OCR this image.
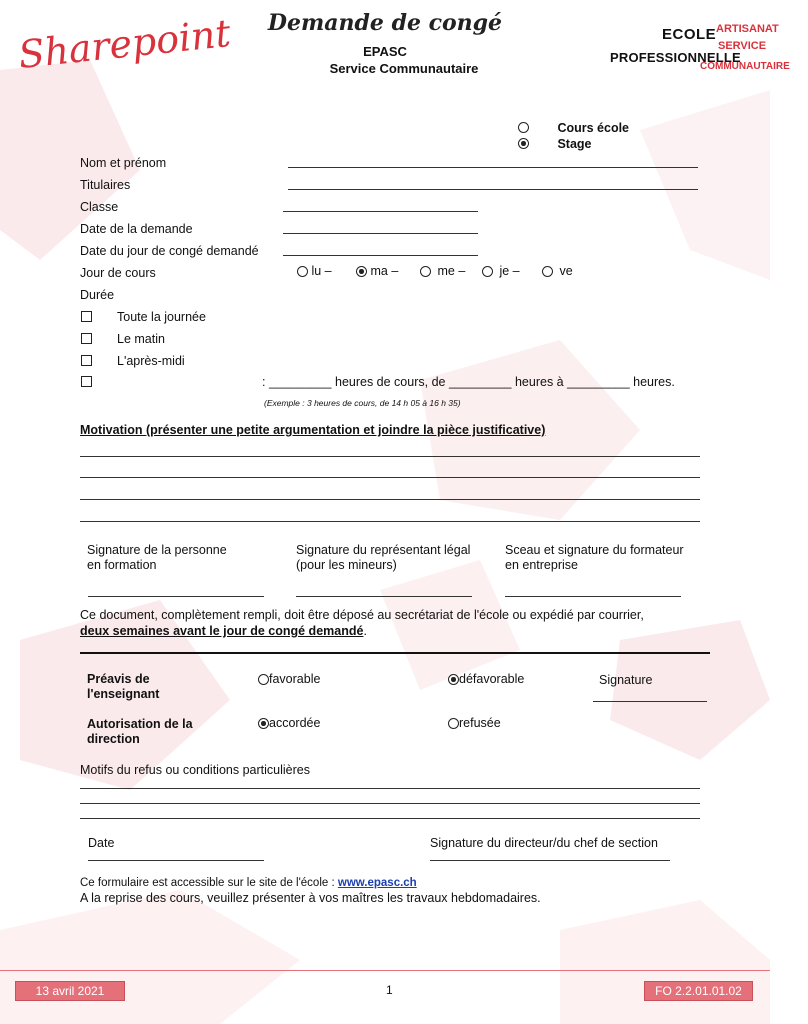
Sharepoint	Demande de congé
EPASC
Service Communautaire
ECOLE
PROFESSIONNELLE
ARTISANAT
SERVICE
COMMUNAUTAIRE
Cours école
Stage
Nom et prénom
Titulaires
Classe
Date de la demande
Date du jour de congé demandé
Jour de cours	lu –	ma –	me –	je –	ve
Durée
Toute la journée
Le matin
L'après-midi
: _________ heures de cours, de _________ heures à _________ heures.
(Exemple : 3 heures de cours, de 14 h 05 à 16 h 35)
Motivation (présenter une petite argumentation et joindre la pièce justificative)
Signature de la personne
en formation
Signature du représentant légal
(pour les mineurs)
Sceau et signature du formateur
en entreprise
Ce document, complètement rempli, doit être déposé au secrétariat de l'école ou expédié par courrier,
deux semaines avant le jour de congé demandé.
Préavis de
l'enseignant
favorable	défavorable	Signature
Autorisation de la
direction
accordée	refusée
Motifs du refus ou conditions particulières
Date	Signature du directeur/du chef de section
Ce formulaire est accessible sur le site de l'école : www.epasc.ch
A la reprise des cours, veuillez présenter à vos maîtres les travaux hebdomadaires.
13 avril 2021	1	FO 2.2.01.01.02
